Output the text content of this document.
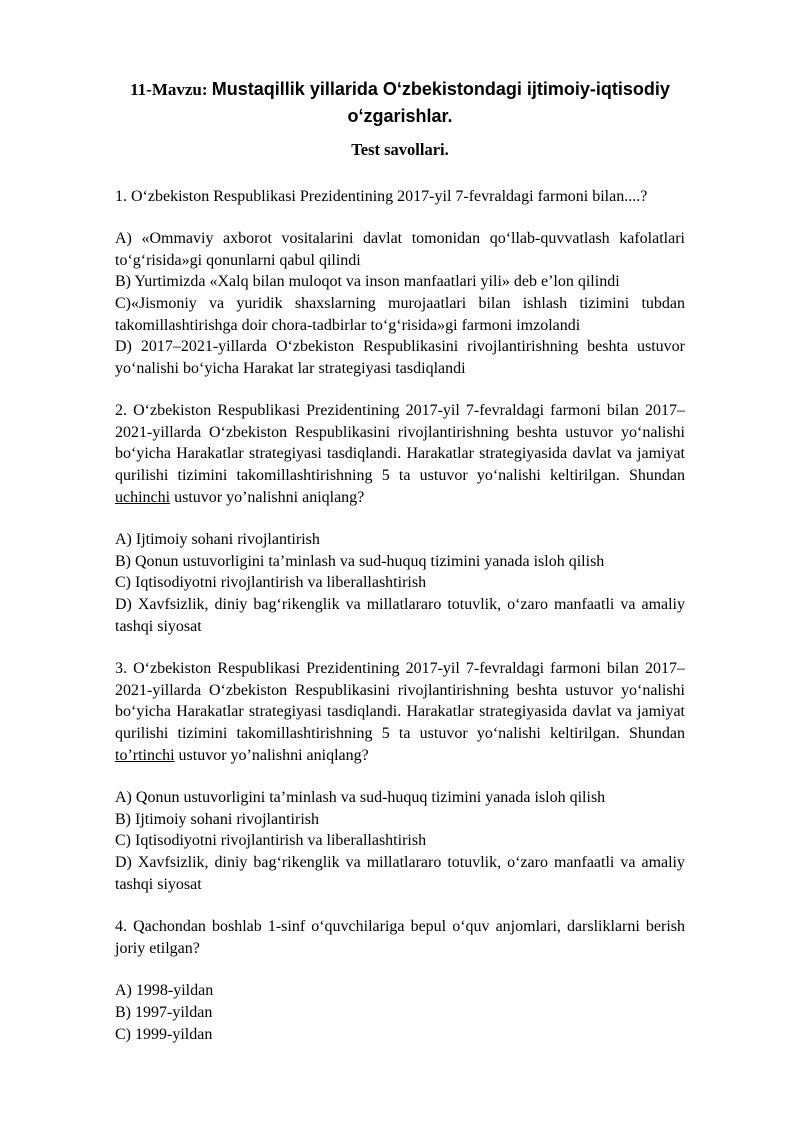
11-Mavzu: Mustaqillik yillarida O‘zbekistondagi ijtimoiy-iqtisodiy o‘zgarishlar.
Test savollari.

1. O‘zbekiston Respublikasi Prezidentining 2017-yil 7-fevraldagi farmoni bilan....?

A) «Ommaviy axborot vositalarini davlat tomonidan qo‘llab-quvvatlash kafolatlari to‘g‘risida»gi qonunlarni qabul qilindi

B) Yurtimizda «Xalq bilan muloqot va inson manfaatlari yili» deb e’lon qilindi

C)«Jismoniy va yuridik shaxslarning murojaatlari bilan ishlash tizimini tubdan takomillashtirishga doir chora-tadbirlar to‘g‘risida»gi farmoni imzolandi

D) 2017–2021-yillarda O‘zbekiston Respublikasini rivojlantirishning beshta ustuvor yo‘nalishi bo‘yicha Harakat lar strategiyasi tasdiqlandi

2. O‘zbekiston Respublikasi Prezidentining 2017-yil 7-fevraldagi farmoni bilan 2017–2021-yillarda O‘zbekiston Respublikasini rivojlantirishning beshta ustuvor yo‘nalishi bo‘yicha Harakatlar strategiyasi tasdiqlandi. Harakatlar strategiyasida davlat va jamiyat qurilishi tizimini takomillashtirishning 5 ta ustuvor yo‘nalishi keltirilgan. Shundan uchinchi ustuvor yo’nalishni aniqlang?

A) Ijtimoiy sohani rivojlantirish

B) Qonun ustuvorligini ta’minlash va sud-huquq tizimini yanada isloh qilish

C) Iqtisodiyotni rivojlantirish va liberallashtirish

D) Xavfsizlik, diniy bag‘rikenglik va millatlararo totuvlik, o‘zaro manfaatli va amaliy tashqi siyosat

3. O‘zbekiston Respublikasi Prezidentining 2017-yil 7-fevraldagi farmoni bilan 2017–2021-yillarda O‘zbekiston Respublikasini rivojlantirishning beshta ustuvor yo‘nalishi bo‘yicha Harakatlar strategiyasi tasdiqlandi. Harakatlar strategiyasida davlat va jamiyat qurilishi tizimini takomillashtirishning 5 ta ustuvor yo‘nalishi keltirilgan. Shundan to’rtinchi ustuvor yo’nalishni aniqlang?

A) Qonun ustuvorligini ta’minlash va sud-huquq tizimini yanada isloh qilish

B) Ijtimoiy sohani rivojlantirish

C) Iqtisodiyotni rivojlantirish va liberallashtirish

D) Xavfsizlik, diniy bag‘rikenglik va millatlararo totuvlik, o‘zaro manfaatli va amaliy tashqi siyosat

4. Qachondan boshlab 1-sinf o‘quvchilariga bepul o‘quv anjomlari, darsliklarni berish joriy etilgan?

A) 1998-yildan

B) 1997-yildan

C) 1999-yildan
